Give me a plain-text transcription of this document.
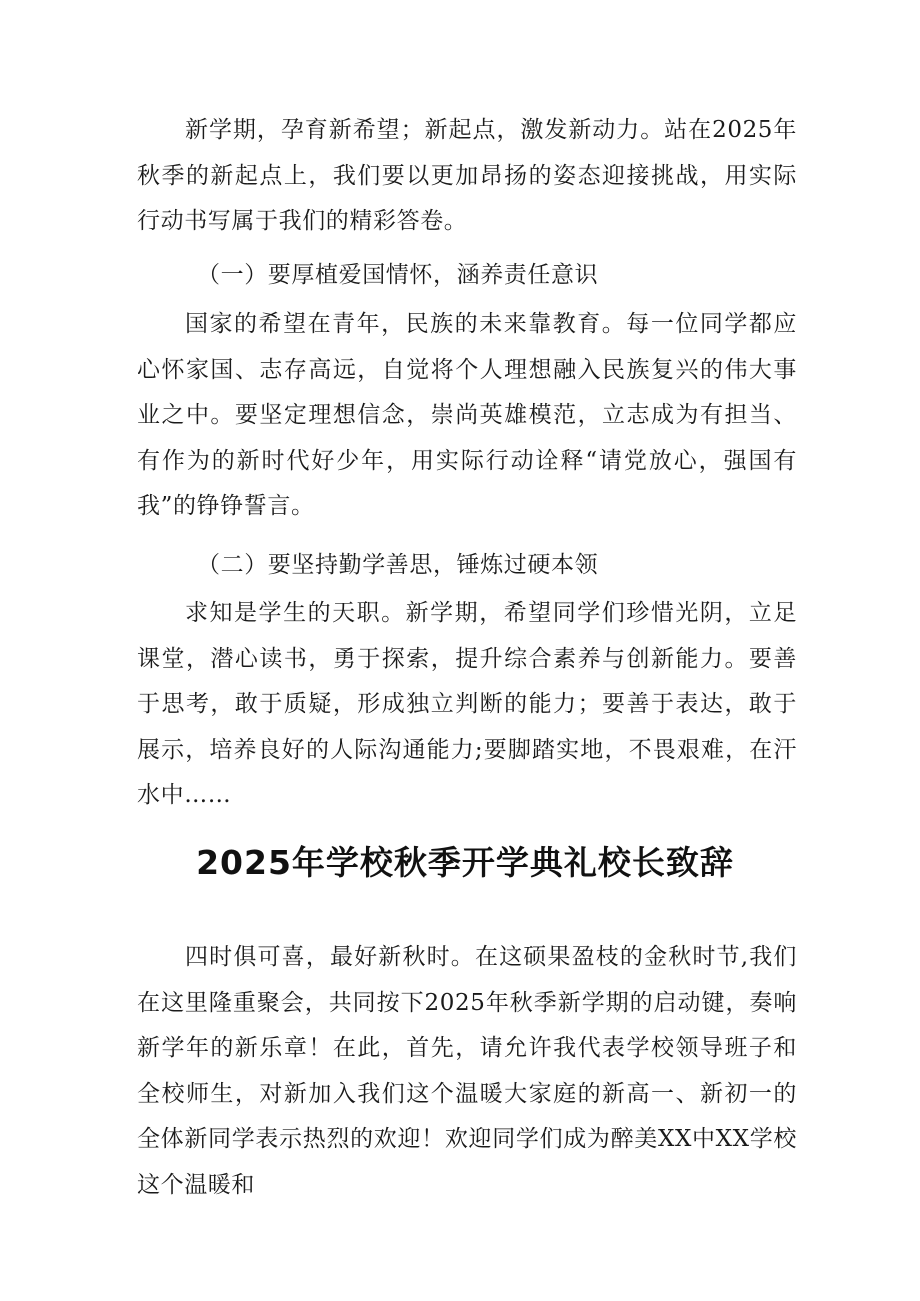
新学期，孕育新希望；新起点，激发新动力。站在2025年秋季的新起点上，我们要以更加昂扬的姿态迎接挑战，用实际行动书写属于我们的精彩答卷。

（一）要厚植爱国情怀，涵养责任意识

国家的希望在青年，民族的未来靠教育。每一位同学都应心怀家国、志存高远，自觉将个人理想融入民族复兴的伟大事业之中。要坚定理想信念，崇尚英雄模范，立志成为有担当、有作为的新时代好少年，用实际行动诠释“请党放心，强国有我”的铮铮誓言。

（二）要坚持勤学善思，锤炼过硬本领

求知是学生的天职。新学期，希望同学们珍惜光阴，立足课堂，潜心读书，勇于探索，提升综合素养与创新能力。要善于思考，敢于质疑，形成独立判断的能力；要善于表达，敢于展示，培养良好的人际沟通能力;要脚踏实地，不畏艰难，在汗水中……

2025年学校秋季开学典礼校长致辞

四时俱可喜，最好新秋时。在这硕果盈枝的金秋时节,我们在这里隆重聚会，共同按下2025年秋季新学期的启动键，奏响新学年的新乐章！在此，首先，请允许我代表学校领导班子和全校师生，对新加入我们这个温暖大家庭的新高一、新初一的全体新同学表示热烈的欢迎！欢迎同学们成为醉美XX中XX学校这个温暖和
